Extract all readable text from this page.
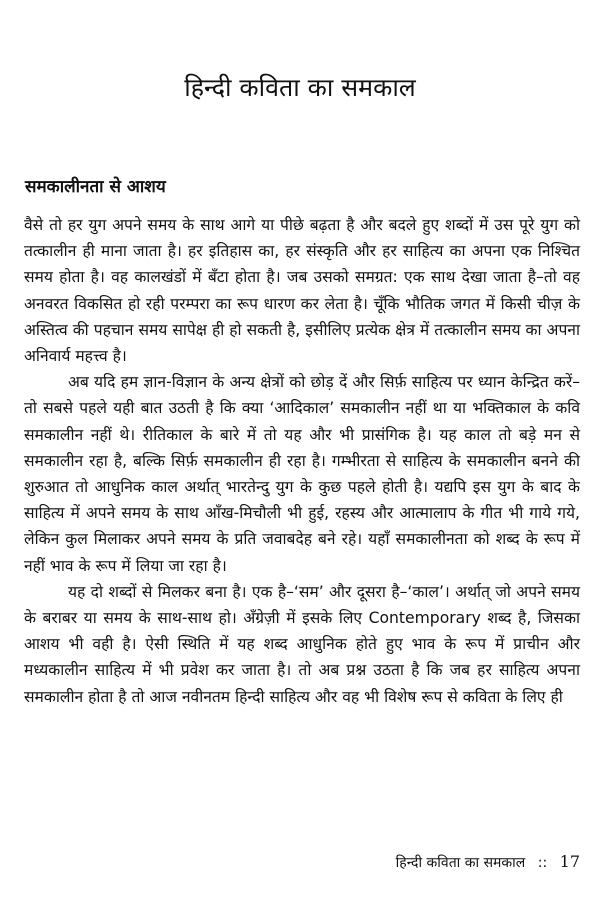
हिन्दी कविता का समकाल
समकालीनता से आशय

वैसे तो हर युग अपने समय के साथ आगे या पीछे बढ़ता है और बदले हुए शब्दों में उस पूरे युग को तत्कालीन ही माना जाता है। हर इतिहास का, हर संस्कृति और हर साहित्य का अपना एक निश्चित समय होता है। वह कालखंडों में बँटा होता है। जब उसको समग्रत: एक साथ देखा जाता है–तो वह अनवरत विकसित हो रही परम्परा का रूप धारण कर लेता है। चूँकि भौतिक जगत में किसी चीज़ के अस्तित्व की पहचान समय सापेक्ष ही हो सकती है, इसीलिए प्रत्येक क्षेत्र में तत्कालीन समय का अपना अनिवार्य महत्त्व है।

अब यदि हम ज्ञान-विज्ञान के अन्य क्षेत्रों को छोड़ दें और सिर्फ़ साहित्य पर ध्यान केन्द्रित करें–तो सबसे पहले यही बात उठती है कि क्या ‘आदिकाल’ समकालीन नहीं था या भक्तिकाल के कवि समकालीन नहीं थे। रीतिकाल के बारे में तो यह और भी प्रासंगिक है। यह काल तो बड़े मन से समकालीन रहा है, बल्कि सिर्फ़ समकालीन ही रहा है। गम्भीरता से साहित्य के समकालीन बनने की शुरुआत तो आधुनिक काल अर्थात् भारतेन्दु युग के कुछ पहले होती है। यद्यपि इस युग के बाद के साहित्य में अपने समय के साथ आँख-मिचौली भी हुई, रहस्य और आत्मालाप के गीत भी गाये गये, लेकिन कुल मिलाकर अपने समय के प्रति जवाबदेह बने रहे। यहाँ समकालीनता को शब्द के रूप में नहीं भाव के रूप में लिया जा रहा है।

यह दो शब्दों से मिलकर बना है। एक है–‘सम’ और दूसरा है–‘काल’। अर्थात् जो अपने समय के बराबर या समय के साथ-साथ हो। अँग्रेज़ी में इसके लिए Contemporary शब्द है, जिसका आशय भी वही है। ऐसी स्थिति में यह शब्द आधुनिक होते हुए भाव के रूप में प्राचीन और मध्यकालीन साहित्य में भी प्रवेश कर जाता है। तो अब प्रश्न उठता है कि जब हर साहित्य अपना समकालीन होता है तो आज नवीनतम हिन्दी साहित्य और वह भी विशेष रूप से कविता के लिए ही

हिन्दी कविता का समकाल :: 17
